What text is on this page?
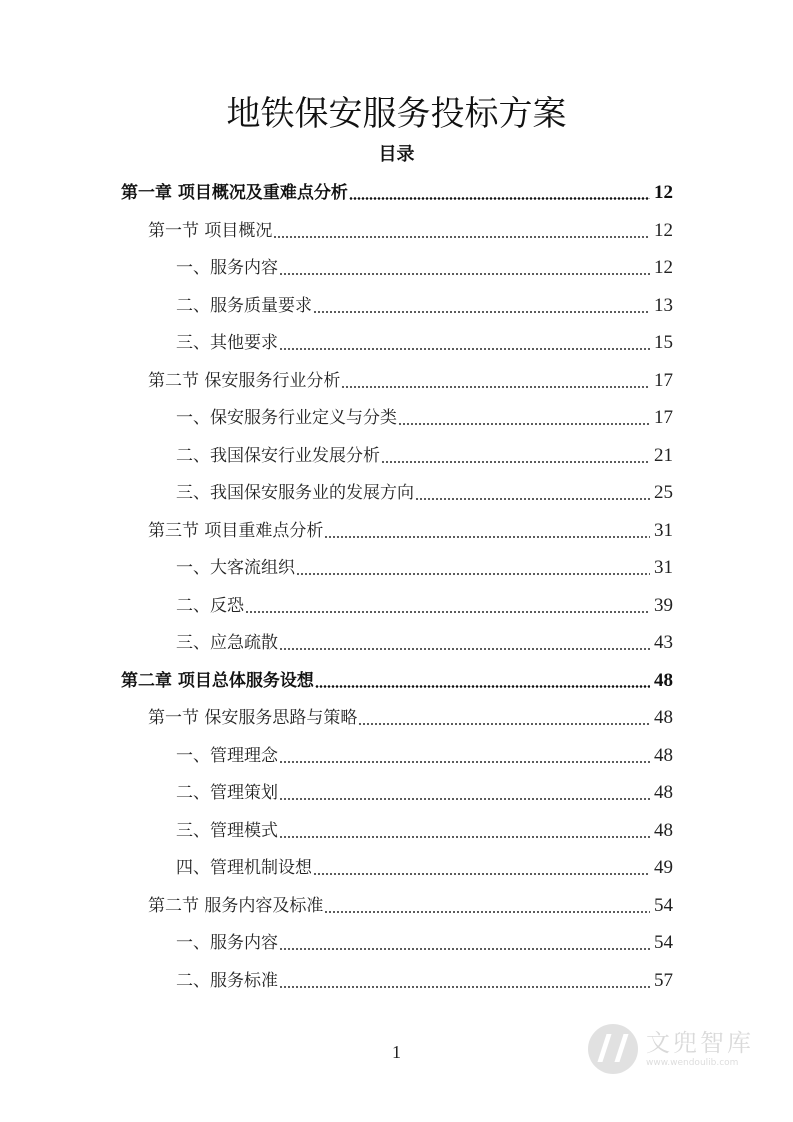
地铁保安服务投标方案
目录
第一章 项目概况及重难点分析	12
第一节 项目概况	12
一、服务内容	12
二、服务质量要求	13
三、其他要求	15
第二节 保安服务行业分析	17
一、保安服务行业定义与分类	17
二、我国保安行业发展分析	21
三、我国保安服务业的发展方向	25
第三节 项目重难点分析	31
一、大客流组织	31
二、反恐	39
三、应急疏散	43
第二章 项目总体服务设想	48
第一节 保安服务思路与策略	48
一、管理理念	48
二、管理策划	48
三、管理模式	48
四、管理机制设想	49
第二节 服务内容及标准	54
一、服务内容	54
二、服务标准	57
1	文兜智库
www.wendoulib.com
